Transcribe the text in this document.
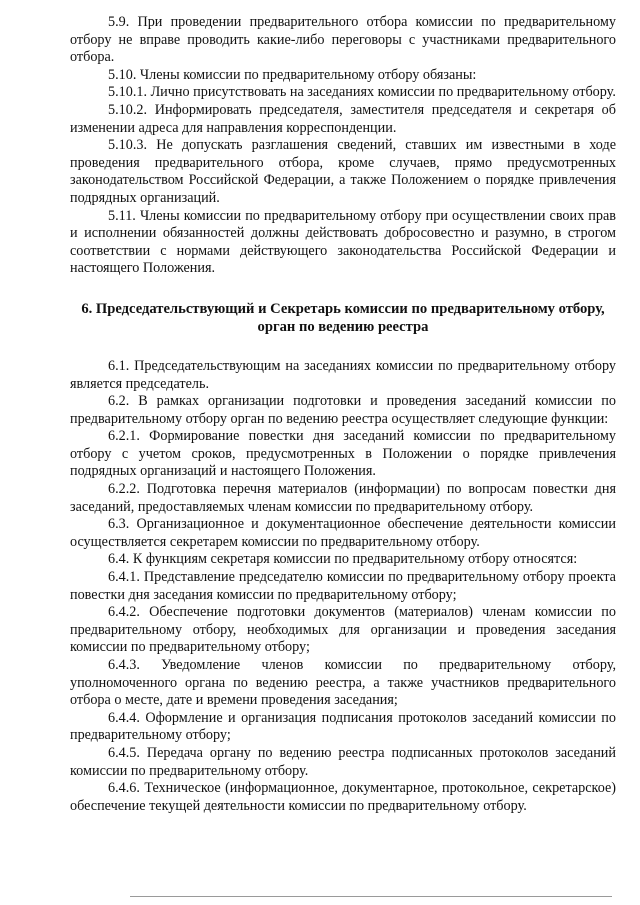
5.9. При проведении предварительного отбора комиссии по предварительному отбору не вправе проводить какие-либо переговоры с участниками предварительного отбора.

5.10. Члены комиссии по предварительному отбору обязаны:

5.10.1. Лично присутствовать на заседаниях комиссии по предварительному отбору.

5.10.2. Информировать председателя, заместителя председателя и секретаря об изменении адреса для направления корреспонденции.

5.10.3. Не допускать разглашения сведений, ставших им известными в ходе проведения предварительного отбора, кроме случаев, прямо предусмотренных законодательством Российской Федерации, а также Положением о порядке привлечения подрядных организаций.

5.11. Члены комиссии по предварительному отбору при осуществлении своих прав и исполнении обязанностей должны действовать добросовестно и разумно, в строгом соответствии с нормами действующего законодательства Российской Федерации и настоящего Положения.

6. Председательствующий и Секретарь комиссии по предварительному отбору, орган по ведению реестра

6.1. Председательствующим на заседаниях комиссии по предварительному отбору является председатель.

6.2. В рамках организации подготовки и проведения заседаний комиссии по предварительному отбору орган по ведению реестра осуществляет следующие функции:

6.2.1. Формирование повестки дня заседаний комиссии по предварительному отбору с учетом сроков, предусмотренных в Положении о порядке привлечения подрядных организаций и настоящего Положения.

6.2.2. Подготовка перечня материалов (информации) по вопросам повестки дня заседаний, предоставляемых членам комиссии по предварительному отбору.

6.3. Организационное и документационное обеспечение деятельности комиссии осуществляется секретарем комиссии по предварительному отбору.

6.4. К функциям секретаря комиссии по предварительному отбору относятся:

6.4.1. Представление председателю комиссии по предварительному отбору проекта повестки дня заседания комиссии по предварительному отбору;

6.4.2. Обеспечение подготовки документов (материалов) членам комиссии по предварительному отбору, необходимых для организации и проведения заседания комиссии по предварительному отбору;

6.4.3. Уведомление членов комиссии по предварительному отбору, уполномоченного органа по ведению реестра, а также участников предварительного отбора о месте, дате и времени проведения заседания;

6.4.4. Оформление и организация подписания протоколов заседаний комиссии по предварительному отбору;

6.4.5. Передача органу по ведению реестра подписанных протоколов заседаний комиссии по предварительному отбору.

6.4.6. Техническое (информационное, документарное, протокольное, секретарское) обеспечение текущей деятельности комиссии по предварительному отбору.
